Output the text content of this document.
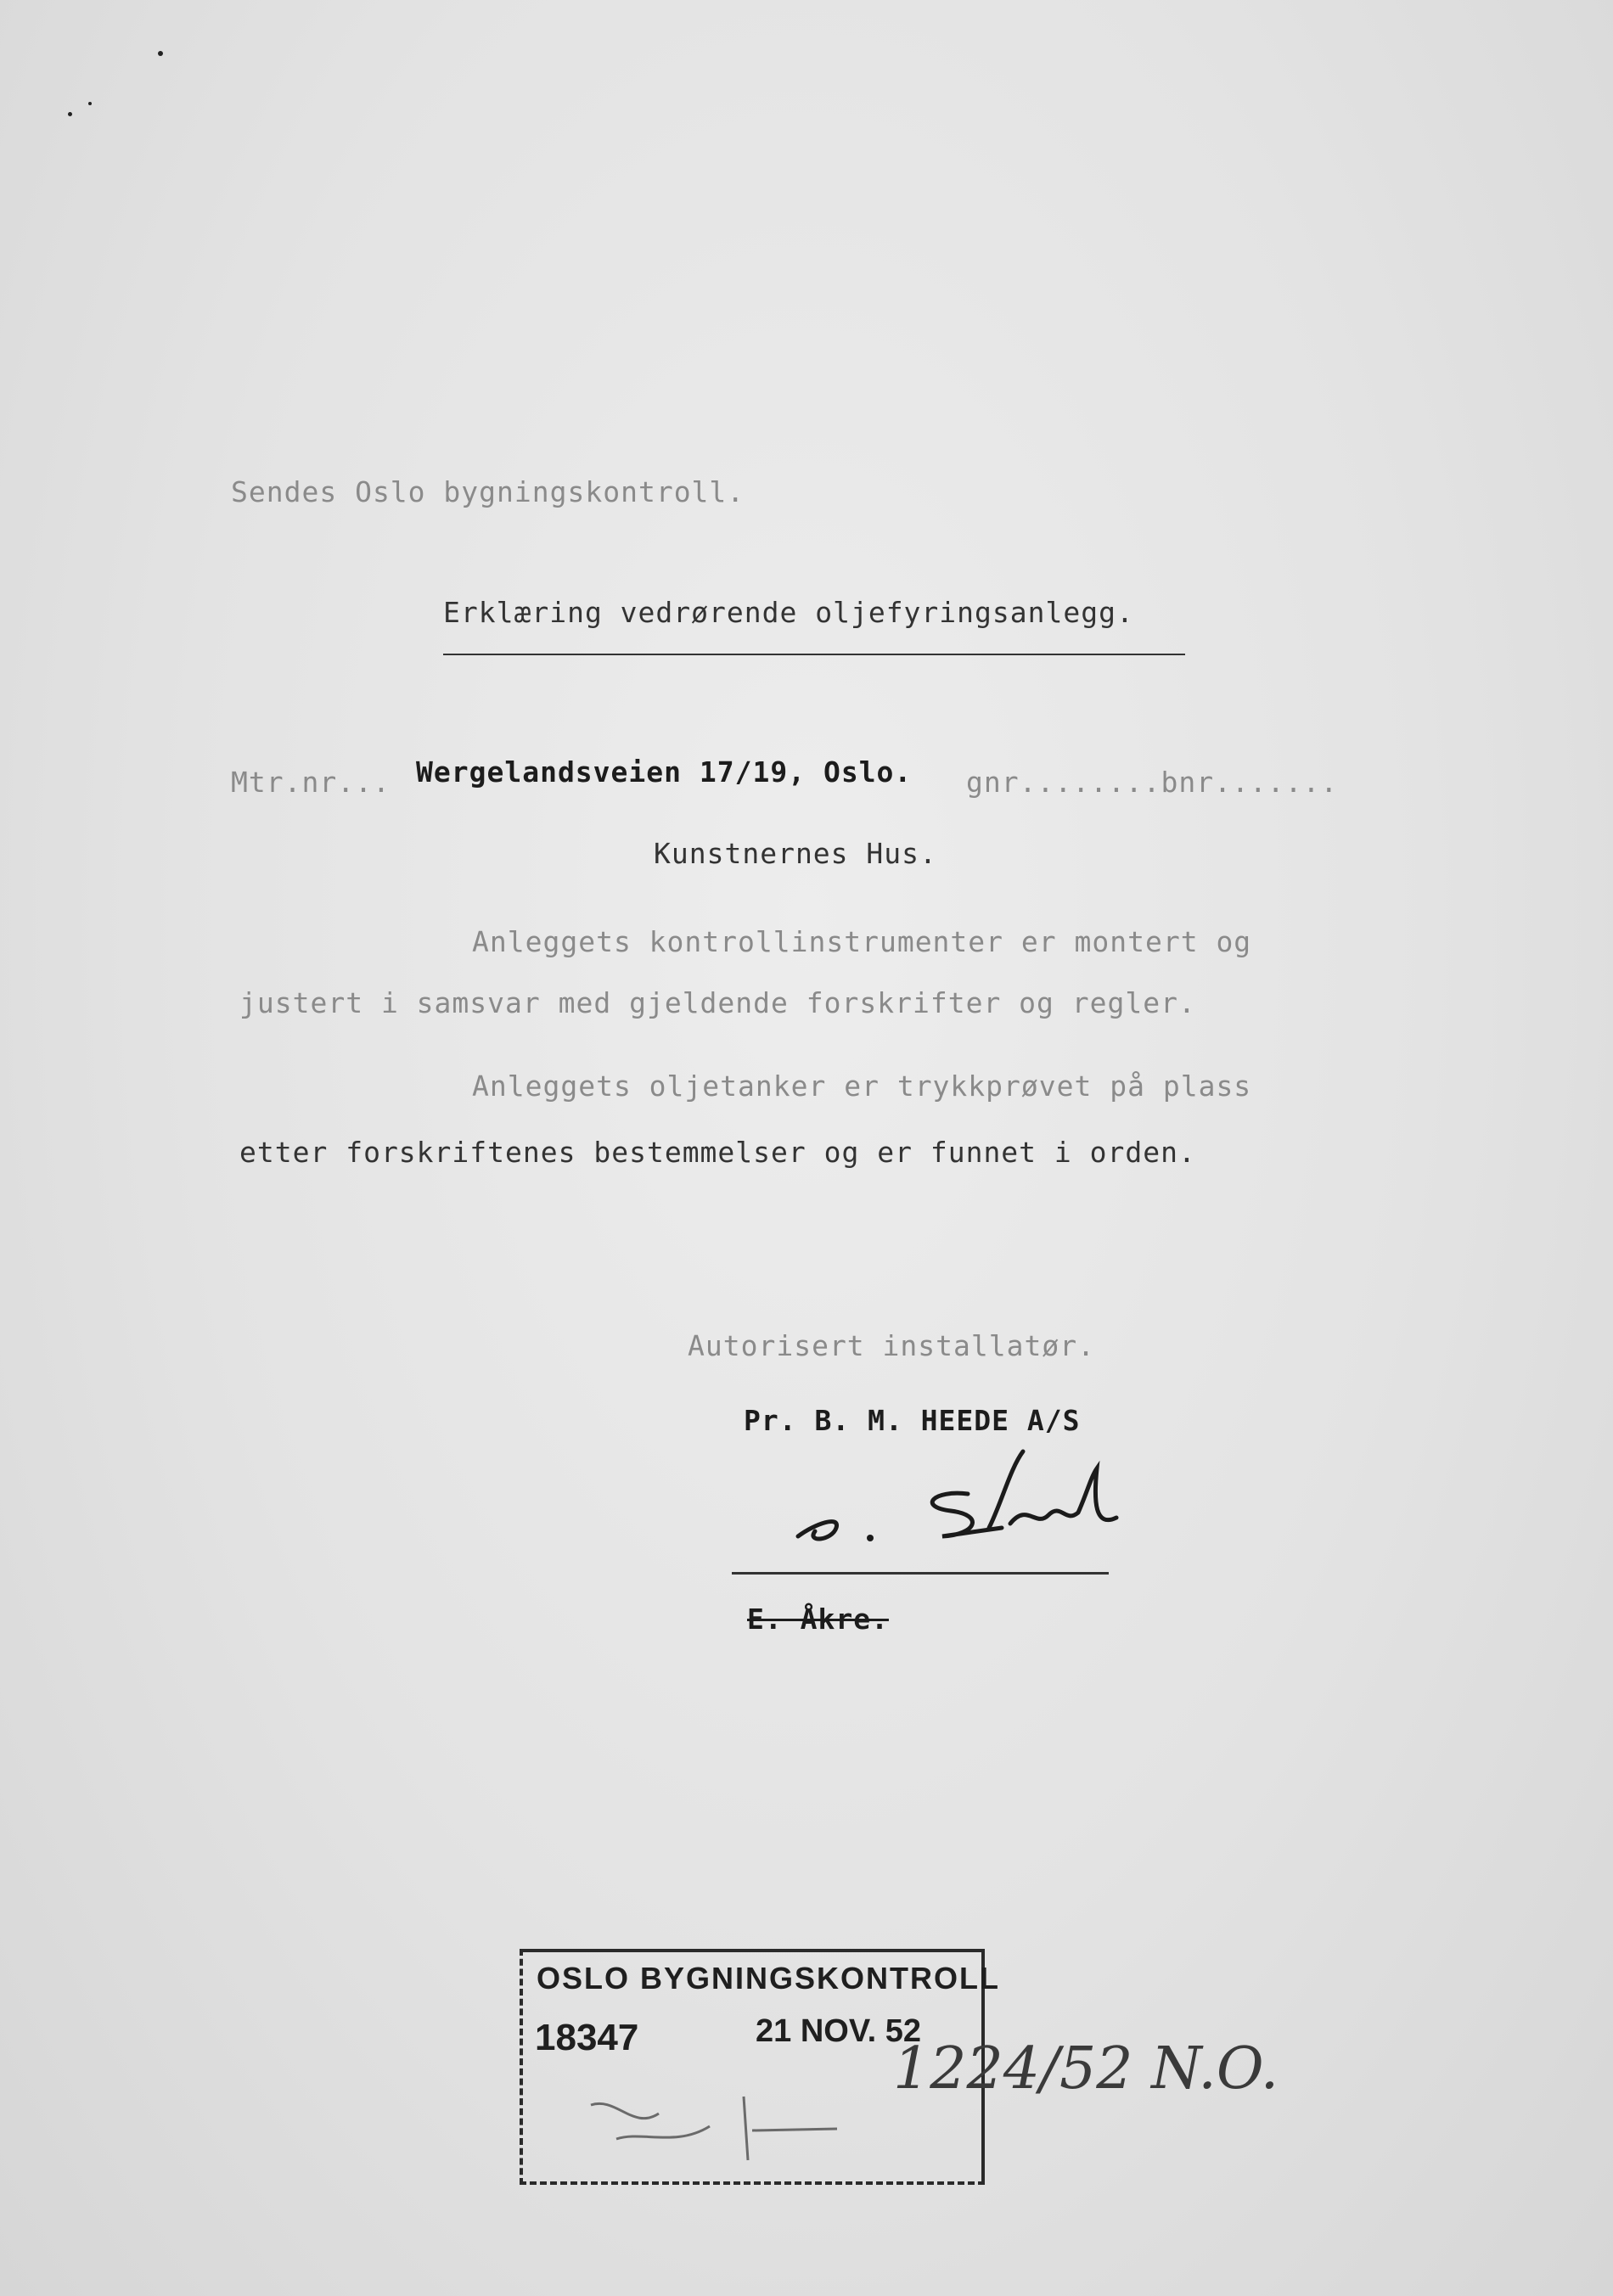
Sendes Oslo bygningskontroll.
Erklæring vedrørende oljefyringsanlegg.
Mtr.nr... Wergelandsveien 17/19, Oslo. gnr........bnr.......
Kunstnernes Hus.
Anleggets kontrollinstrumenter er montert og
justert i samsvar med gjeldende forskrifter og regler.
Anleggets oljetanker er trykkprøvet på plass
etter forskriftenes bestemmelser og er funnet i orden.
Autorisert installatør.
Pr. B. M. HEEDE A/S
E. Åkre.
OSLO BYGNINGSKONTROLL
18347	21 NOV. 52
1224/52 N.O.
